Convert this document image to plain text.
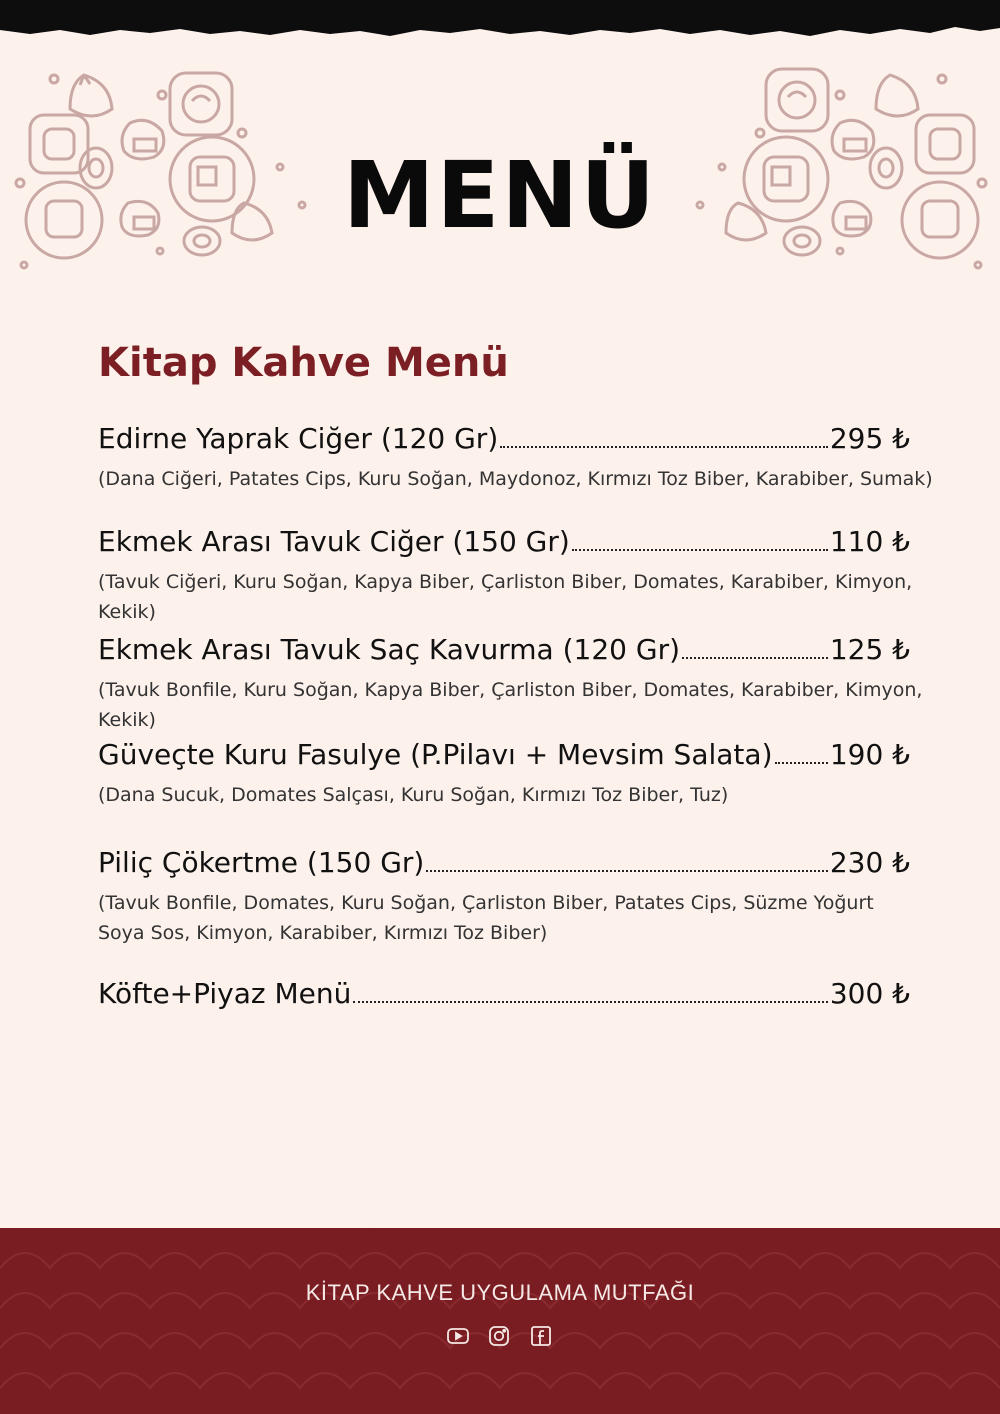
MENÜ
Kitap Kahve Menü
Edirne Yaprak Ciğer (120 Gr)	295 ₺
(Dana Ciğeri, Patates Cips, Kuru Soğan, Maydonoz, Kırmızı Toz Biber, Karabiber, Sumak)
Ekmek Arası Tavuk Ciğer (150 Gr)	110 ₺
(Tavuk Ciğeri, Kuru Soğan, Kapya Biber, Çarliston Biber, Domates, Karabiber, Kimyon, Kekik)
Ekmek Arası Tavuk Saç Kavurma (120 Gr)	125 ₺
(Tavuk Bonfile, Kuru Soğan, Kapya Biber, Çarliston Biber, Domates, Karabiber, Kimyon, Kekik)
Güveçte Kuru Fasulye (P.Pilavı + Mevsim Salata) 190 ₺
(Dana Sucuk, Domates Salçası, Kuru Soğan, Kırmızı Toz Biber, Tuz)
Piliç Çökertme (150 Gr)	230 ₺
(Tavuk Bonfile, Domates, Kuru Soğan, Çarliston Biber, Patates Cips, Süzme Yoğurt
Soya Sos, Kimyon, Karabiber, Kırmızı Toz Biber)
Köfte+Piyaz Menü	300 ₺
KİTAP KAHVE UYGULAMA MUTFAĞI
